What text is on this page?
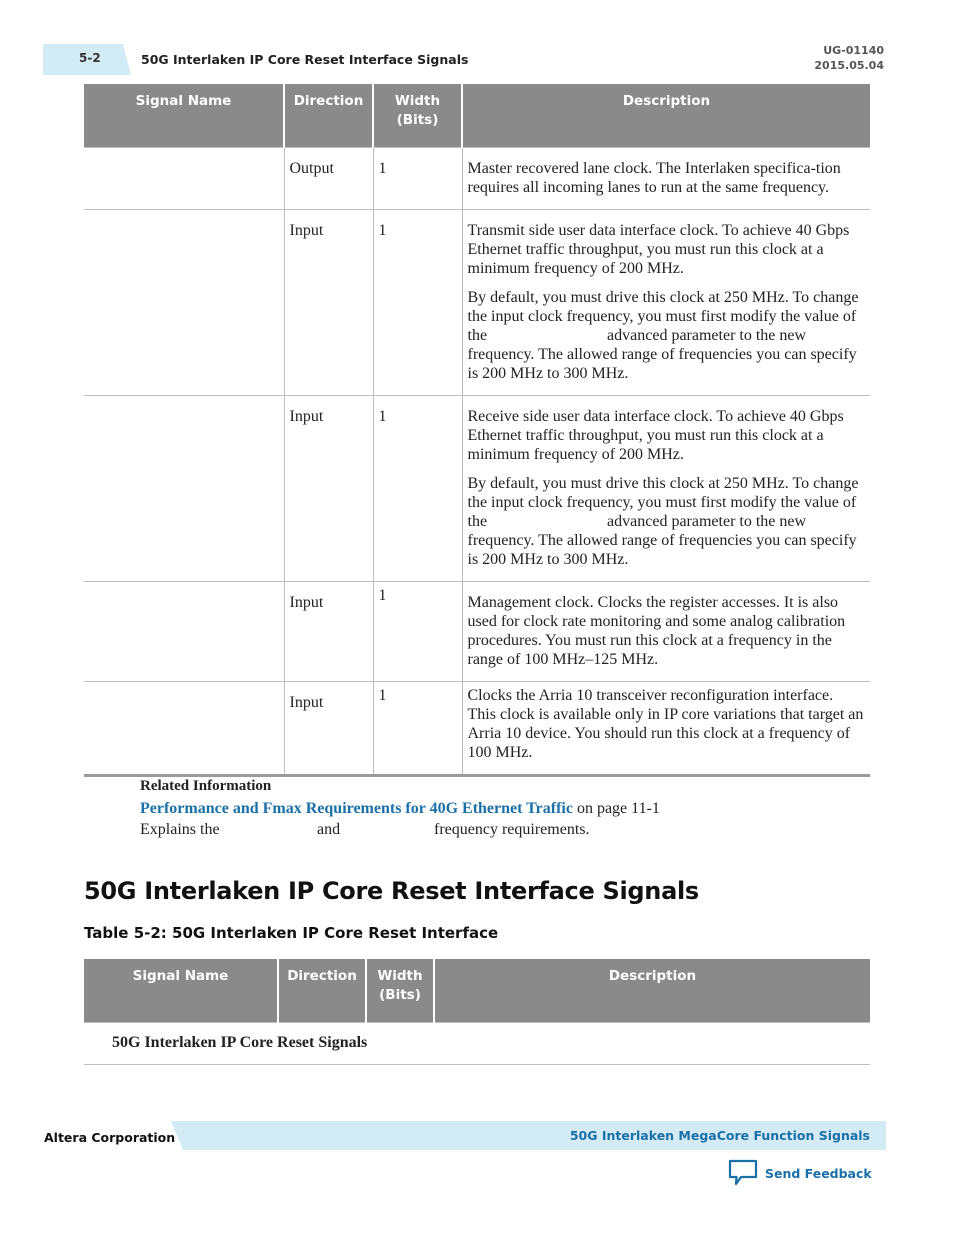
5-2	50G Interlaken IP Core Reset Interface Signals
UG-01140
2015.05.04
Signal Name	Direction	Width (Bits)	Description
	Output	1	Master recovered lane clock. The Interlaken specifica-tion requires all incoming lanes to run at the same frequency.

	Input	1	Transmit side user data interface clock. To achieve 40 Gbps Ethernet traffic throughput, you must run this clock at a minimum frequency of 200 MHz.

By default, you must drive this clock at 250 MHz. To change the input clock frequency, you must first modify the value of the                              advanced parameter to the new frequency. The allowed range of frequencies you can specify is 200 MHz to 300 MHz.

	Input	1	Receive side user data interface clock. To achieve 40 Gbps Ethernet traffic throughput, you must run this clock at a minimum frequency of 200 MHz.

By default, you must drive this clock at 250 MHz. To change the input clock frequency, you must first modify the value of the                              advanced parameter to the new frequency. The allowed range of frequencies you can specify is 200 MHz to 300 MHz.

	Input	1	Management clock. Clocks the register accesses. It is also used for clock rate monitoring and some analog calibration procedures. You must run this clock at a frequency in the range of 100 MHz–125 MHz.

	Input	1	Clocks the Arria 10 transceiver reconfiguration interface. This clock is available only in IP core variations that target an Arria 10 device. You should run this clock at a frequency of 100 MHz.

Related Information
Performance and Fmax Requirements for 40G Ethernet Traffic on page 11-1
Explains the	and	frequency requirements.
50G Interlaken IP Core Reset Interface Signals
Table 5-2: 50G Interlaken IP Core Reset Interface
Signal Name	Direction	Width (Bits)	Description
50G Interlaken IP Core Reset Signals
Altera Corporation	50G Interlaken MegaCore Function Signals
Send Feedback
